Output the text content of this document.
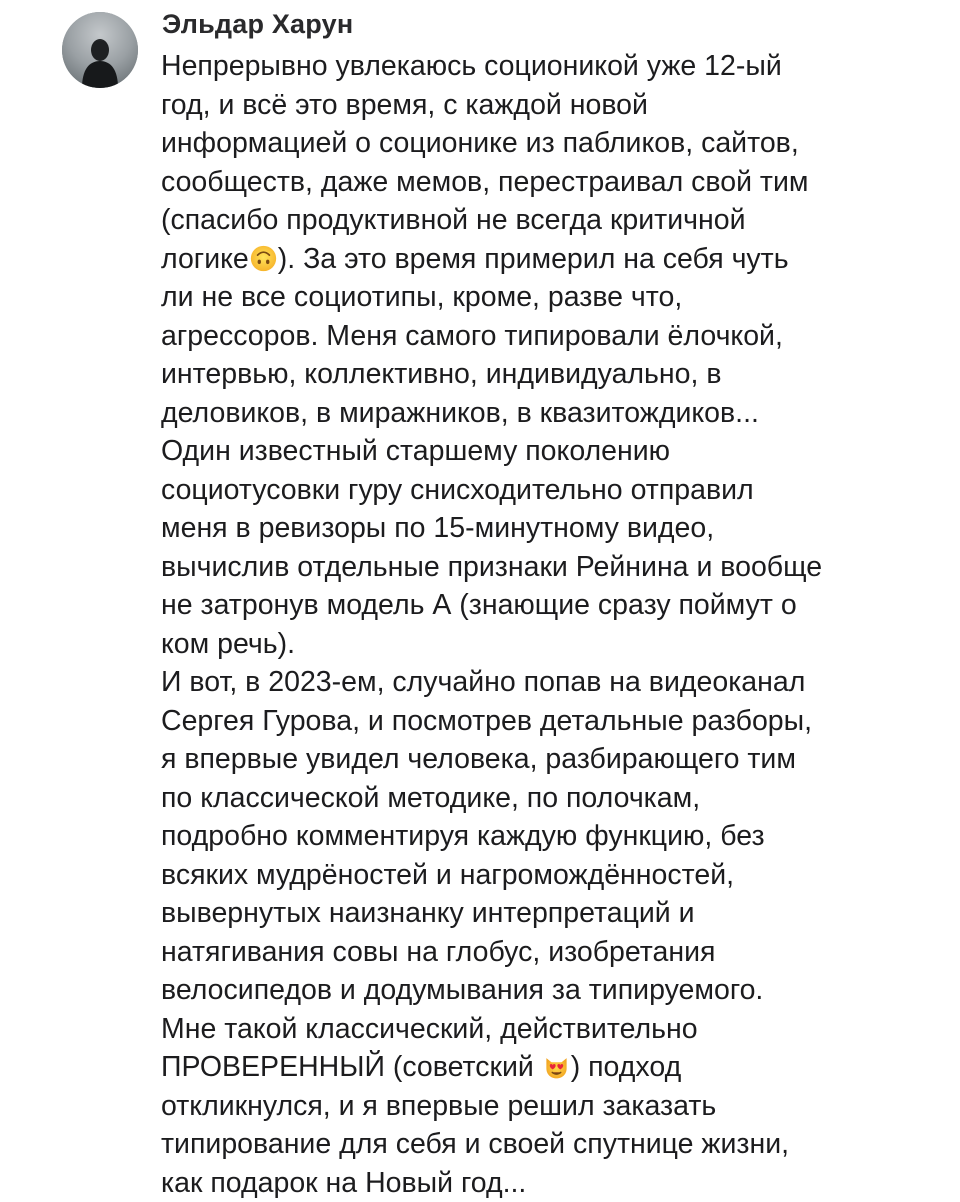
Эльдар Харун
Непрерывно увлекаюсь соционикой уже 12-ый
год, и всё это время, с каждой новой
информацией о соционике из пабликов, сайтов,
сообществ, даже мемов, перестраивал свой тим
(спасибо продуктивной не всегда критичной
логике ). За это время примерил на себя чуть
ли не все социотипы, кроме, разве что,
агрессоров. Меня самого типировали ёлочкой,
интервью, коллективно, индивидуально, в
деловиков, в миражников, в квазитождиков...
Один известный старшему поколению
социотусовки гуру снисходительно отправил
меня в ревизоры по 15-минутному видео,
вычислив отдельные признаки Рейнина и вообще
не затронув модель А (знающие сразу поймут о
ком речь).
И вот, в 2023-ем, случайно попав на видеоканал
Сергея Гурова, и посмотрев детальные разборы,
я впервые увидел человека, разбирающего тим
по классической методике, по полочкам,
подробно комментируя каждую функцию, без
всяких мудрёностей и нагромождённостей,
вывернутых наизнанку интерпретаций и
натягивания совы на глобус, изобретания
велосипедов и додумывания за типируемого.
Мне такой классический, действительно
ПРОВЕРЕННЫЙ (советский
) подход
откликнулся, и я впервые решил заказать
типирование для себя и своей спутнице жизни,
как подарок на Новый год...
